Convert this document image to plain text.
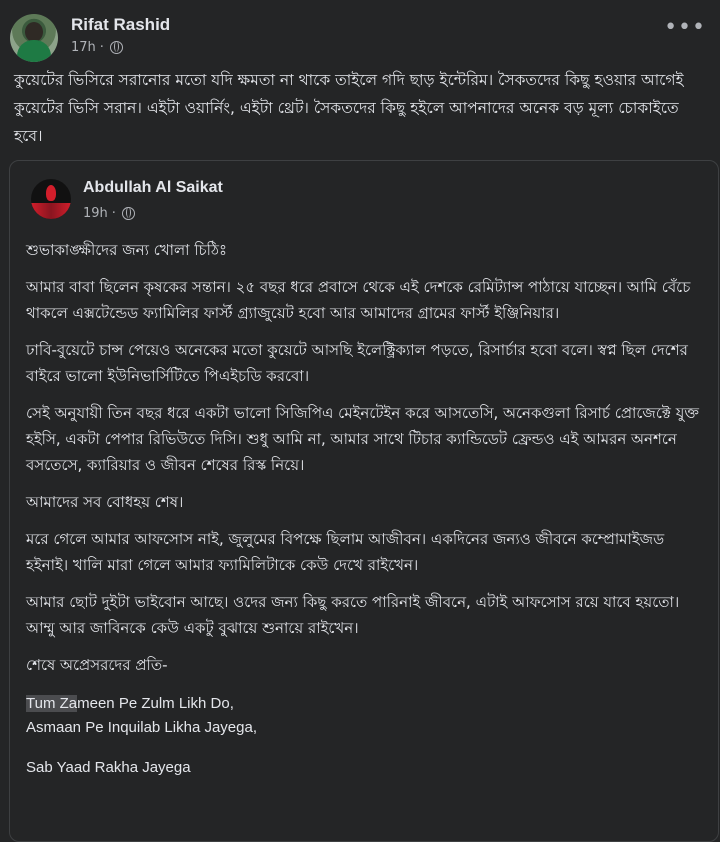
Rifat Rashid
17h ·
•••
কুয়েটের ভিসিরে সরানোর মতো যদি ক্ষমতা না থাকে তাইলে গদি ছাড় ইন্টেরিম। সৈকতদের কিছু হওয়ার আগেই কুয়েটের ভিসি সরান। এইটা ওয়ার্নিং, এইটা থ্রেট। সৈকতদের কিছু হইলে আপনাদের অনেক বড় মূল্য চোকাইতে হবে।
Abdullah Al Saikat
19h ·

শুভাকাঙ্ক্ষীদের জন্য খোলা চিঠিঃ

আমার বাবা ছিলেন কৃষকের সন্তান। ২৫ বছর ধরে প্রবাসে থেকে এই দেশকে রেমিট্যান্স পাঠায়ে যাচ্ছেন। আমি বেঁচে থাকলে এক্সটেন্ডেড ফ্যামিলির ফার্স্ট গ্র্যাজুয়েট হবো আর আমাদের গ্রামের ফার্স্ট ইঞ্জিনিয়ার।

ঢাবি-বুয়েটে চান্স পেয়েও অনেকের মতো কুয়েটে আসছি ইলেক্ট্রিক্যাল পড়তে, রিসার্চার হবো বলে। স্বপ্ন ছিল দেশের বাইরে ভালো ইউনিভার্সিটিতে পিএইচডি করবো।

সেই অনুযায়ী তিন বছর ধরে একটা ভালো সিজিপিএ মেইনটেইন করে আসতেসি, অনেকগুলা রিসার্চ প্রোজেক্টে যুক্ত হইসি, একটা পেপার রিভিউতে দিসি। শুধু আমি না, আমার সাথে টিচার ক্যান্ডিডেট ফ্রেন্ডও এই আমরন অনশনে বসতেসে, ক্যারিয়ার ও জীবন শেষের রিস্ক নিয়ে।

আমাদের সব বোধহয় শেষ।

মরে গেলে আমার আফসোস নাই, জুলুমের বিপক্ষে ছিলাম আজীবন। একদিনের জন্যও জীবনে কম্প্রোমাইজড হইনাই। খালি মারা গেলে আমার ফ্যামিলিটাকে কেউ দেখে রাইখেন।

আমার ছোট দুইটা ভাইবোন আছে। ওদের জন্য কিছু করতে পারিনাই জীবনে, এটাই আফসোস রয়ে যাবে হয়তো। আম্মু আর জাবিনকে কেউ একটু বুঝায়ে শুনায়ে রাইখেন।

শেষে অপ্রেসরদের প্রতি-

Tum Zameen Pe Zulm Likh Do,
Asmaan Pe Inquilab Likha Jayega,
Sab Yaad Rakha Jayega
